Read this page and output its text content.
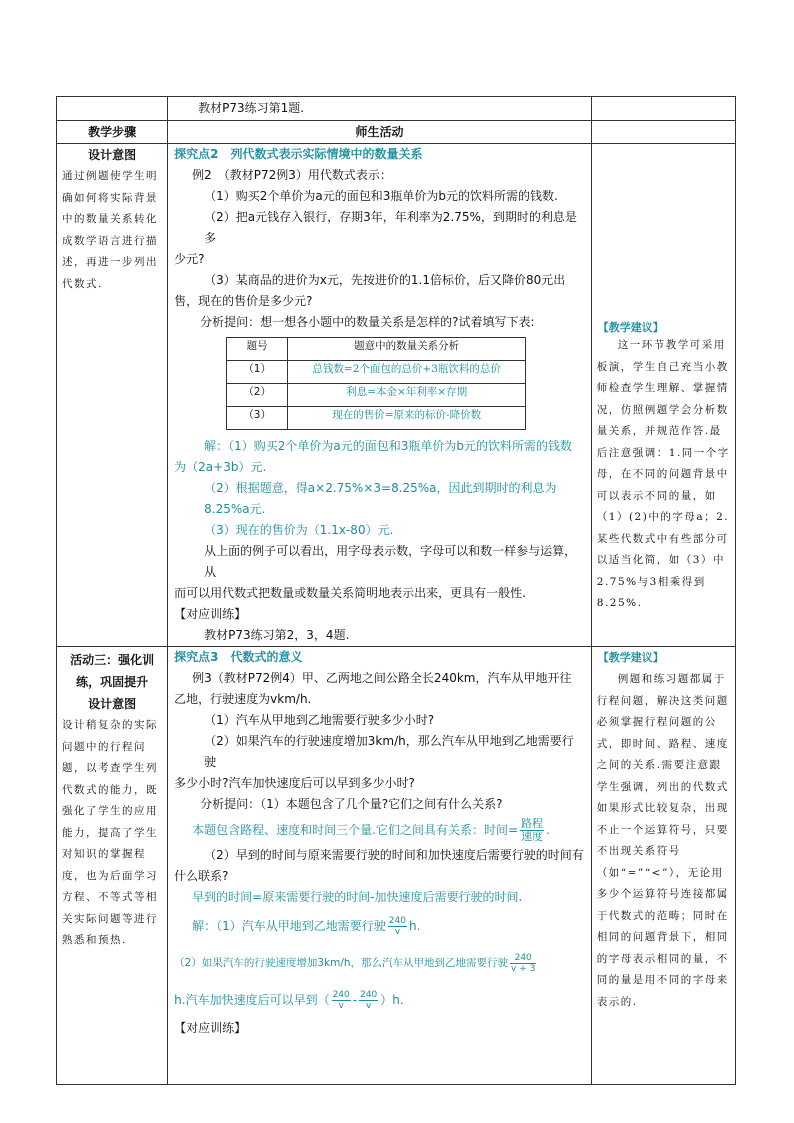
教材P73练习第1题.

教学步骤	师生活动	

设计意图
通过例题使学生明确如何将实际背景中的数量关系转化成数学语言进行描述，再进一步列出代数式.

探究点2　列代数式表示实际情境中的数量关系
例2　（教材P72例3）用代数式表示：
（1）购买2个单价为a元的面包和3瓶单价为b元的饮料所需的钱数.
（2）把a元钱存入银行，存期3年，年利率为2.75%，到期时的利息是多
少元?
（3）某商品的进价为x元，先按进价的1.1倍标价，后又降价80元出
售，现在的售价是多少元?
分析提问：想一想各小题中的数量关系是怎样的?试着填写下表:
题号	题意中的数量关系分析
（1）	总钱数=2个面包的总价+3瓶饮料的总价
（2）	利息=本金×年利率×存期
（3）	现在的售价=原来的标价-降价数
解：（1）购买2个单价为a元的面包和3瓶单价为b元的饮料所需的钱数
为（2a+3b）元.
（2）根据题意，得a×2.75%×3=8.25%a，因此到期时的利息为8.25%a元.
（3）现在的售价为（1.1x-80）元.
从上面的例子可以看出，用字母表示数，字母可以和数一样参与运算，从
而可以用代数式把数量或数量关系简明地表示出来，更具有一般性.
【对应训练】
教材P73练习第2，3，4题.

【教学建议】
这一环节教学可采用板演，学生自己充当小教师检查学生理解、掌握情况，仿照例题学会分析数量关系，并规范作答.最后注意强调：1.同一个字母，在不同的问题背景中可以表示不同的量，如（1）(2)中的字母a；2.某些代数式中有些部分可以适当化简，如（3）中2.75%与3相乘得到8.25%.

活动三：强化训练，巩固提升
设计意图
设计稍复杂的实际问题中的行程问题，以考查学生列代数式的能力，既强化了学生的应用能力，提高了学生对知识的掌握程度，也为后面学习方程、不等式等相关实际问题等进行熟悉和预热.

探究点3　代数式的意义
例3（教材P72例4）甲、乙两地之间公路全长240km，汽车从甲地开往
乙地，行驶速度为vkm/h.
（1）汽车从甲地到乙地需要行驶多少小时?
（2）如果汽车的行驶速度增加3km/h，那么汽车从甲地到乙地需要行驶
多少小时?汽车加快速度后可以早到多少小时?
分析提问：（1）本题包含了几个量?它们之间有什么关系?
本题包含路程、速度和时间三个量.它们之间具有关系：时间= $\frac{\text{路程}}{\text{速度}}$ .
（2）早到的时间与原来需要行驶的时间和加快速度后需要行驶的时间有
什么联系?
早到的时间=原来需要行驶的时间-加快速度后需要行驶的时间.
解：（1）汽车从甲地到乙地需要行驶 $\frac{240}{v} h$.
（2）如果汽车的行驶速度增加3km/h，那么汽车从甲地到乙地需要行驶 $\frac{240}{v + 3}$
h.汽车加快速度后可以早到（ $\frac{240}{v} - \frac{240}{v} )h$.
【对应训练】

【教学建议】
例题和练习题都属于行程问题，解决这类问题必须掌握行程问题的公式，即时间、路程、速度之间的关系.需要注意跟学生强调，列出的代数式如果形式比较复杂，出现不止一个运算符号，只要不出现关系符号（如“=”“<”），无论用多少个运算符号连接都属于代数式的范畴；同时在相同的问题背景下，相同的字母表示相同的量，不同的量是用不同的字母来表示的.
